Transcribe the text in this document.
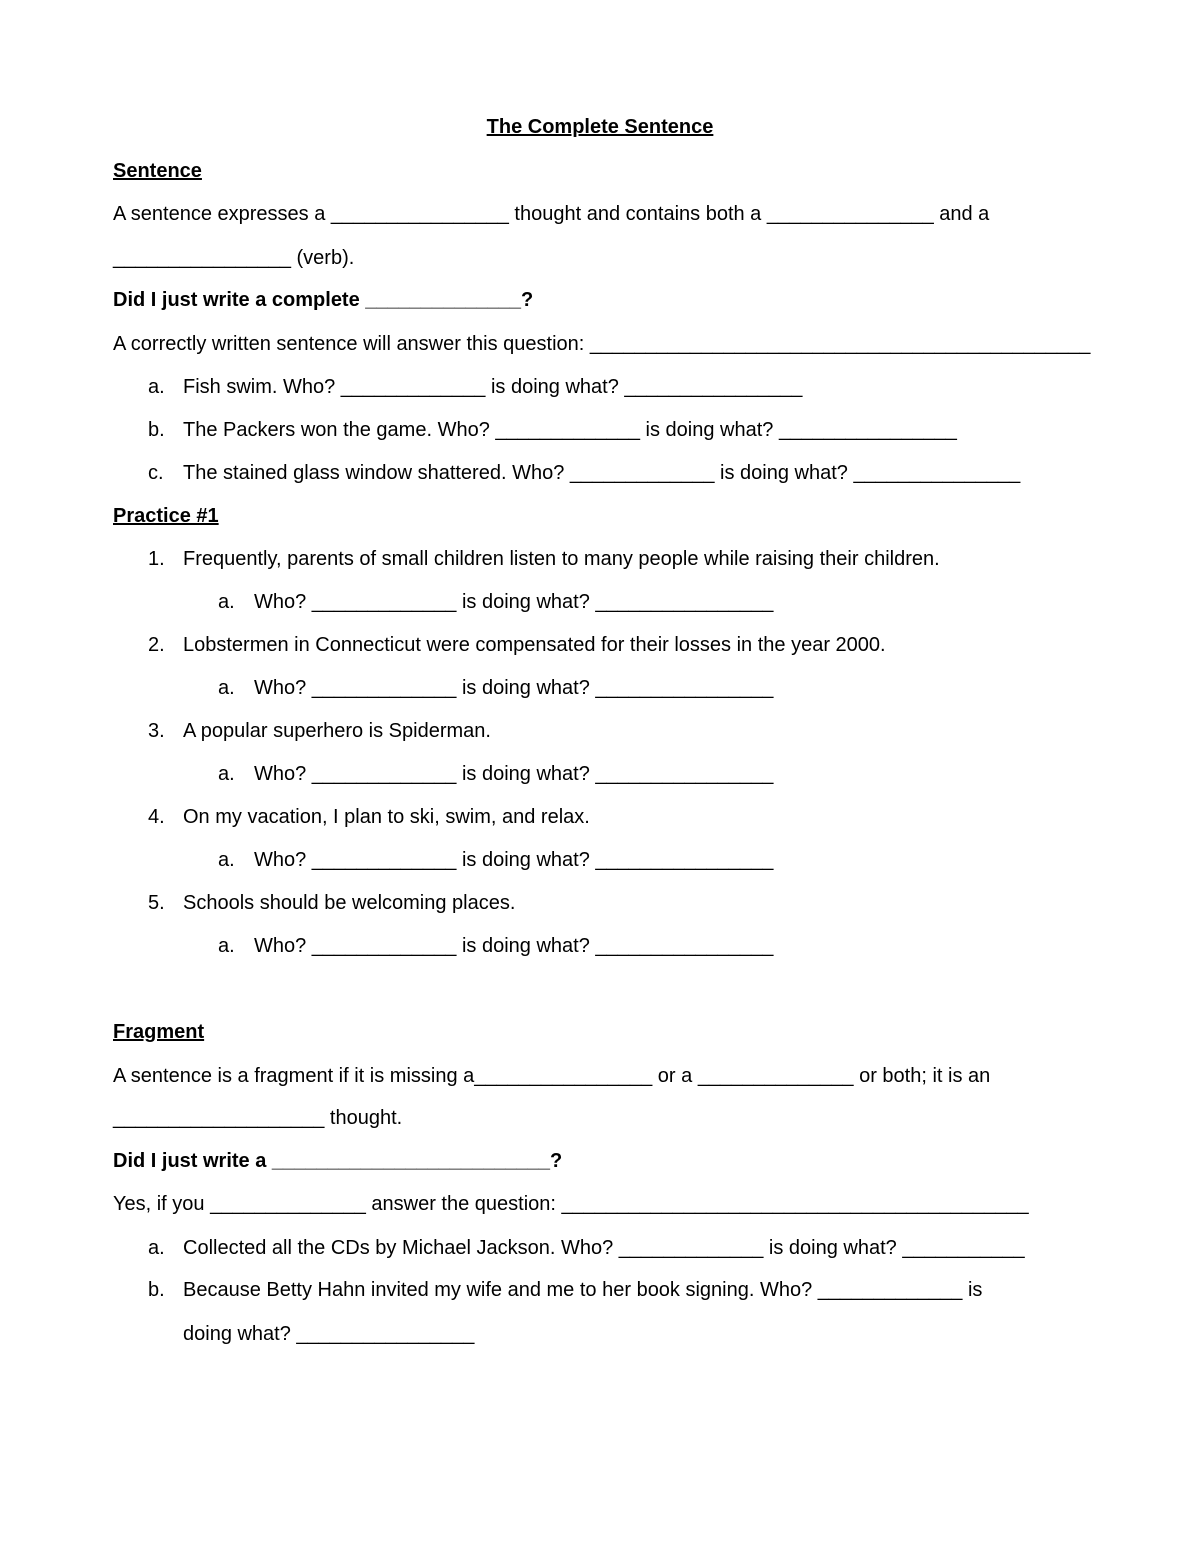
The Complete Sentence
Sentence
A sentence expresses a ________________ thought and contains both a _______________ and a
________________ (verb).
Did I just write a complete ______________?
A correctly written sentence will answer this question: _____________________________________________
a. Fish swim. Who? _____________ is doing what? ________________
b. The Packers won the game. Who? _____________ is doing what? ________________
c. The stained glass window shattered. Who? _____________ is doing what? _______________
Practice #1
1. Frequently, parents of small children listen to many people while raising their children.
a. Who? _____________ is doing what? ________________
2. Lobstermen in Connecticut were compensated for their losses in the year 2000.
a. Who? _____________ is doing what? ________________
3. A popular superhero is Spiderman.
a. Who? _____________ is doing what? ________________
4. On my vacation, I plan to ski, swim, and relax.
a. Who? _____________ is doing what? ________________
5. Schools should be welcoming places.
a. Who? _____________ is doing what? ________________
Fragment
A sentence is a fragment if it is missing a________________ or a ______________ or both; it is an
___________________ thought.
Did I just write a _________________________?
Yes, if you ______________ answer the question: __________________________________________
a. Collected all the CDs by Michael Jackson. Who? _____________ is doing what? ___________
b. Because Betty Hahn invited my wife and me to her book signing. Who? _____________ is
doing what? ________________
